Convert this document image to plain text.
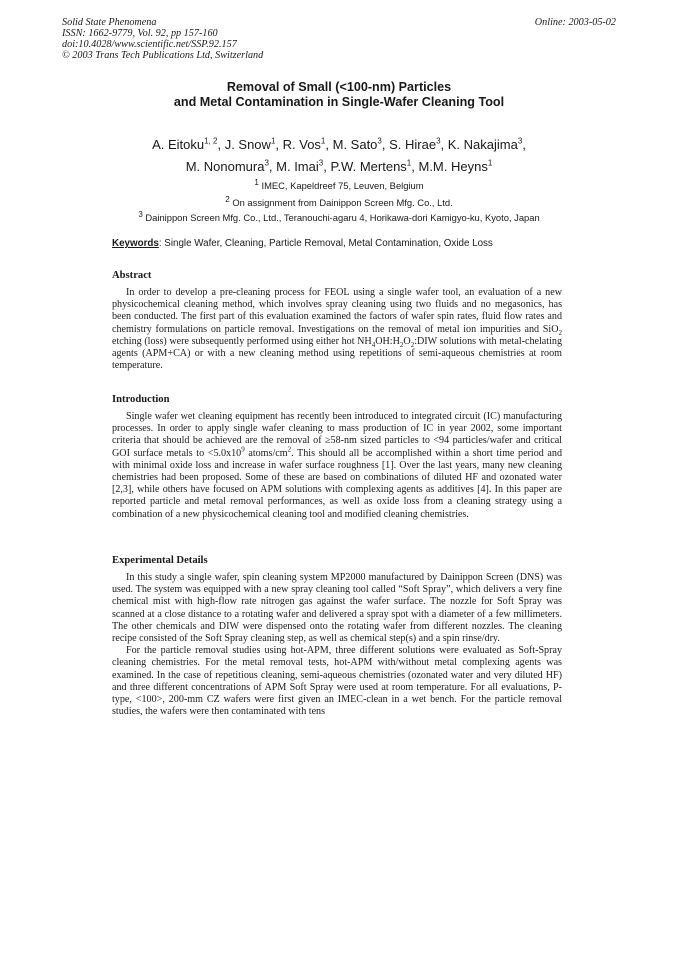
Solid State Phenomena
ISSN: 1662-9779, Vol. 92, pp 157-160
doi:10.4028/www.scientific.net/SSP.92.157
© 2003 Trans Tech Publications Ltd, Switzerland
Online: 2003-05-02
Removal of Small (<100-nm) Particles
and Metal Contamination in Single-Wafer Cleaning Tool
A. Eitoku$^{1, 2}$, J. Snow$^1$, R. Vos$^1$, M. Sato$^3$, S. Hirae$^3$, K. Nakajima$^3$,
M. Nonomura$^3$, M. Imai$^3$, P.W. Mertens$^1$, M.M. Heyns$^1$
$^1$ IMEC, Kapeldreef 75, Leuven, Belgium
$^2$ On assignment from Dainippon Screen Mfg. Co., Ltd.
$^3$ Dainippon Screen Mfg. Co., Ltd., Teranouchi-agaru 4, Horikawa-dori Kamigyo-ku, Kyoto, Japan
Keywords: Single Wafer, Cleaning, Particle Removal, Metal Contamination, Oxide Loss
Abstract

In order to develop a pre-cleaning process for FEOL using a single wafer tool, an evaluation of a new physicochemical cleaning method, which involves spray cleaning using two fluids and no megasonics, has been conducted. The first part of this evaluation examined the factors of wafer spin rates, fluid flow rates and chemistry formulations on particle removal. Investigations on the removal of metal ion impurities and SiO$_2$ etching (loss) were subsequently performed using either hot $NH_4OH:H_2O_2:DIW$ solutions with metal-chelating agents (APM+CA) or with a new cleaning method using repetitions of semi-aqueous chemistries at room temperature.

Introduction

Single wafer wet cleaning equipment has recently been introduced to integrated circuit (IC) manufacturing processes. In order to apply single wafer cleaning to mass production of IC in year 2002, some important criteria that should be achieved are the removal of ≥58-nm sized particles to <94 particles/wafer and critical GOI surface metals to $<5.0x10^9$ atoms/$cm^2$. This should all be accomplished within a short time period and with minimal oxide loss and increase in wafer surface roughness [1]. Over the last years, many new cleaning chemistries had been proposed. Some of these are based on combinations of diluted HF and ozonated water [2,3], while others have focused on APM solutions with complexing agents as additives [4]. In this paper are reported particle and metal removal performances, as well as oxide loss from a cleaning strategy using a combination of a new physicochemical cleaning tool and modified cleaning chemistries.

Experimental Details

In this study a single wafer, spin cleaning system MP2000 manufactured by Dainippon Screen (DNS) was used. The system was equipped with a new spray cleaning tool called “Soft Spray”, which delivers a very fine chemical mist with high-flow rate nitrogen gas against the wafer surface. The nozzle for Soft Spray was scanned at a close distance to a rotating wafer and delivered a spray spot with a diameter of a few millimeters. The other chemicals and DIW were dispensed onto the rotating wafer from different nozzles. The cleaning recipe consisted of the Soft Spray cleaning step, as well as chemical step(s) and a spin rinse/dry.

For the particle removal studies using hot-APM, three different solutions were evaluated as Soft-Spray cleaning chemistries. For the metal removal tests, hot-APM with/without metal complexing agents was examined. In the case of repetitious cleaning, semi-aqueous chemistries (ozonated water and very diluted HF) and three different concentrations of APM Soft Spray were used at room temperature. For all evaluations, P-type, <100>, 200-mm CZ wafers were first given an IMEC-clean in a wet bench. For the particle removal studies, the wafers were then contaminated with tens
